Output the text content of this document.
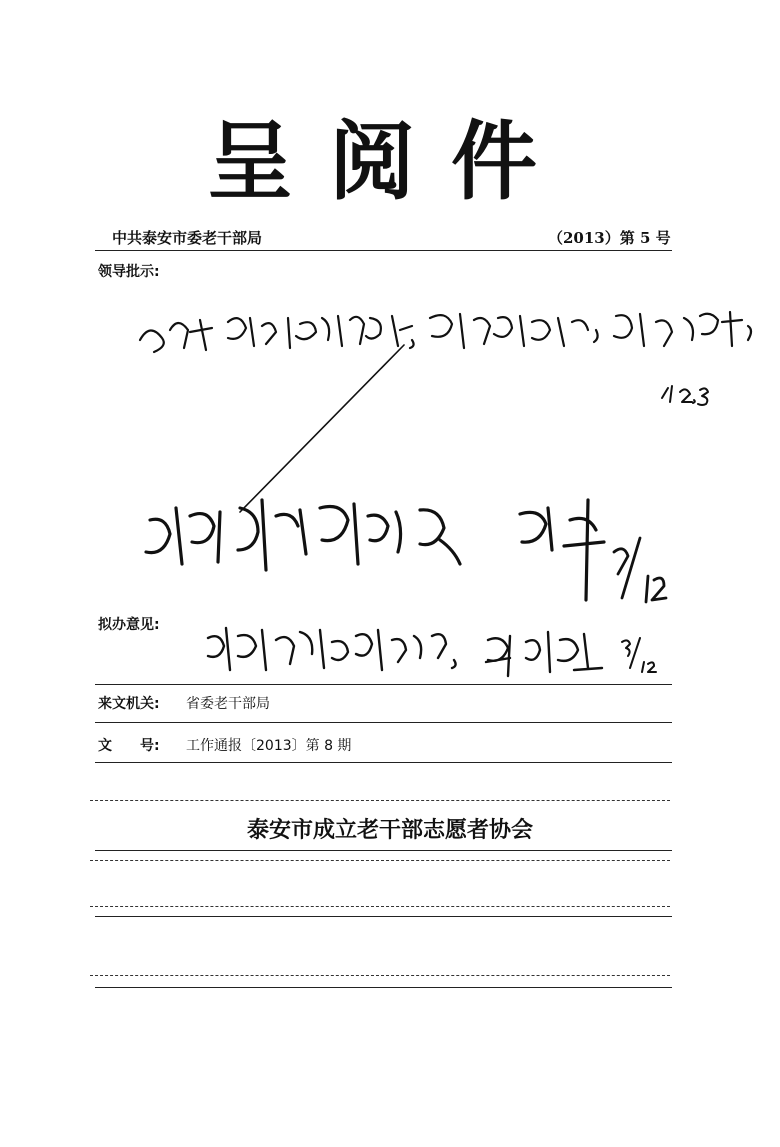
呈阅件
中共泰安市委老干部局	（2013）第 5 号
领导批示:
拟办意见:
来文机关: 省委老干部局
文　　号: 工作通报〔2013〕第 8 期
泰安市成立老干部志愿者协会
